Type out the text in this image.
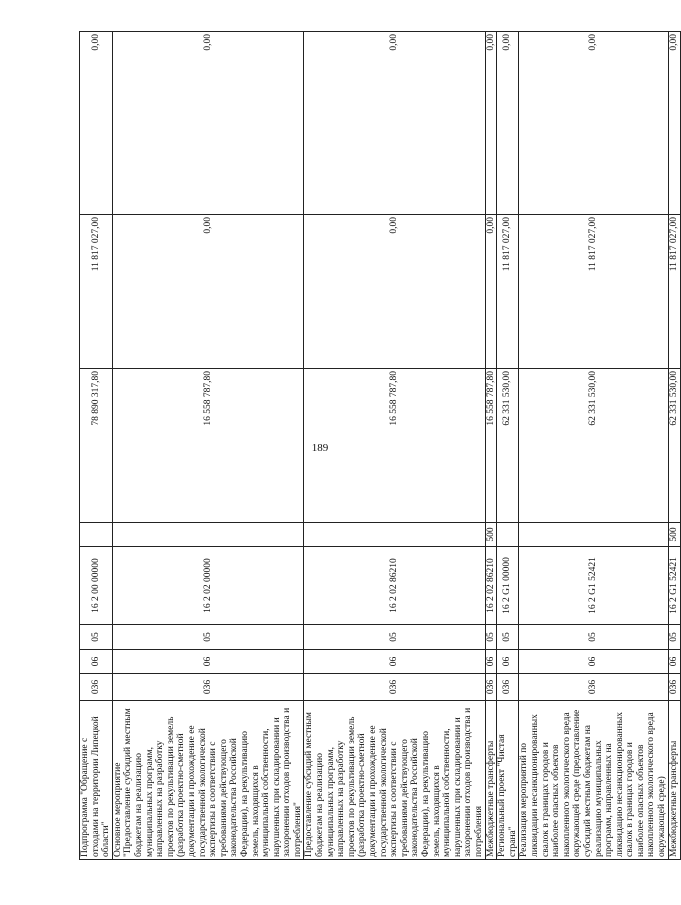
189
Подпрограмма "Обращение с отходами на территории Липецкой области"	036	06	05	16 2 00 00000		78 890 317,80	11 817 027,00	0,00
Основное мероприятие "Предоставление субсидий местным бюджетам на реализацию муниципальных программ, направленных на разработку проектов по рекультивации земель (разработка проектно-сметной документации и прохождение ее государственной экологической экспертизы в соответствии с требованиями действующего законодательства Российской Федерации), на рекультивацию земель, находящихся в муниципальной собственности, нарушенных при складировании и захоронении отходов производства и потребления"	036	06	05	16 2 02 00000		16 558 787,80	0,00	0,00
Предоставление субсидий местным бюджетам на реализацию муниципальных программ, направленных на разработку проектов по рекультивации земель (разработка проектно-сметной документации и прохождение ее государственной экологической экспертизы в соответствии с требованиями действующего законодательства Российской Федерации), на рекультивацию земель, находящихся в муниципальной собственности, нарушенных при складировании и захоронении отходов производства и потребления	036	06	05	16 2 02 86210		16 558 787,80	0,00	0,00
Межбюджетные трансферты	036	06	05	16 2 02 86210	500	16 558 787,80	0,00	0,00
Региональный проект "Чистая страна"	036	06	05	16 2 G1 00000		62 331 530,00	11 817 027,00	0,00
Реализация мероприятий по ликвидации несанкционированных свалок в границах городов и наиболее опасных объектов накопленного экологического вреда окружающей среде (предоставление субсидий местным бюджетам на реализацию муниципальных программ, направленных на ликвидацию несанкционированных свалок в границах городов и наиболее опасных объектов накопленного экологического вреда окружающей среде)	036	06	05	16 2 G1 52421		62 331 530,00	11 817 027,00	0,00
Межбюджетные трансферты	036	06	05	16 2 G1 52421	500	62 331 530,00	11 817 027,00	0,00
